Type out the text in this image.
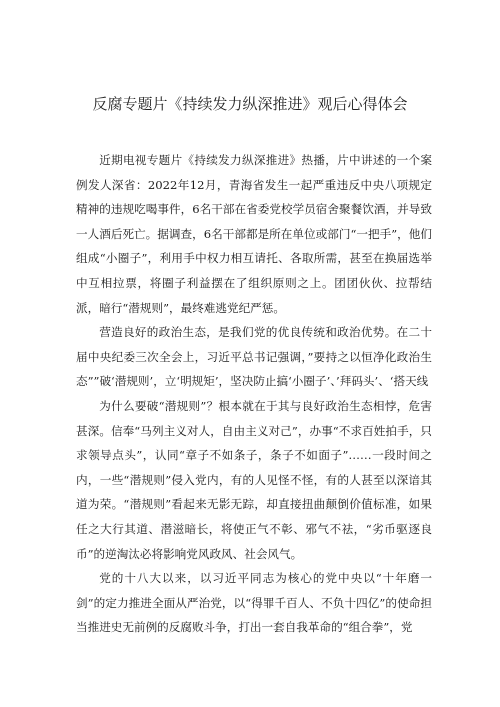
反腐专题片《持续发力纵深推进》观后心得体会

近期电视专题片《持续发力纵深推进》热播，片中讲述的一个案例发人深省：2022年12月，青海省发生一起严重违反中央八项规定精神的违规吃喝事件，6名干部在省委党校学员宿舍聚餐饮酒，并导致一人酒后死亡。据调查，6名干部都是所在单位或部门“一把手”，他们组成“小圈子”，利用手中权力相互请托、各取所需，甚至在换届选举中互相拉票，将圈子利益摆在了组织原则之上。团团伙伙、拉帮结派，暗行“潜规则”，最终难逃党纪严惩。

营造良好的政治生态，是我们党的优良传统和政治优势。在二十届中央纪委三次全会上，习近平总书记强调，”要持之以恒净化政治生态””破‘潜规则’，立‘明规矩’，坚决防止搞‘小圈子’、’拜码头’、‘搭天线

为什么要破“潜规则”？根本就在于其与良好政治生态相悖，危害甚深。信奉“马列主义对人，自由主义对己”，办事“不求百姓拍手，只求领导点头”，认同“章子不如条子，条子不如面子”……一段时间之内，一些“潜规则”侵入党内，有的人见怪不怪，有的人甚至以深谙其道为荣。“潜规则”看起来无影无踪，却直接扭曲颠倒价值标准，如果任之大行其道、潜滋暗长，将使正气不彰、邪气不祛，“劣币驱逐良币”的逆淘汰必将影响党风政风、社会风气。

党的十八大以来，以习近平同志为核心的党中央以“十年磨一剑”的定力推进全面从严治党，以“得罪千百人、不负十四亿”的使命担当推进史无前例的反腐败斗争，打出一套自我革命的“组合拳”，党
